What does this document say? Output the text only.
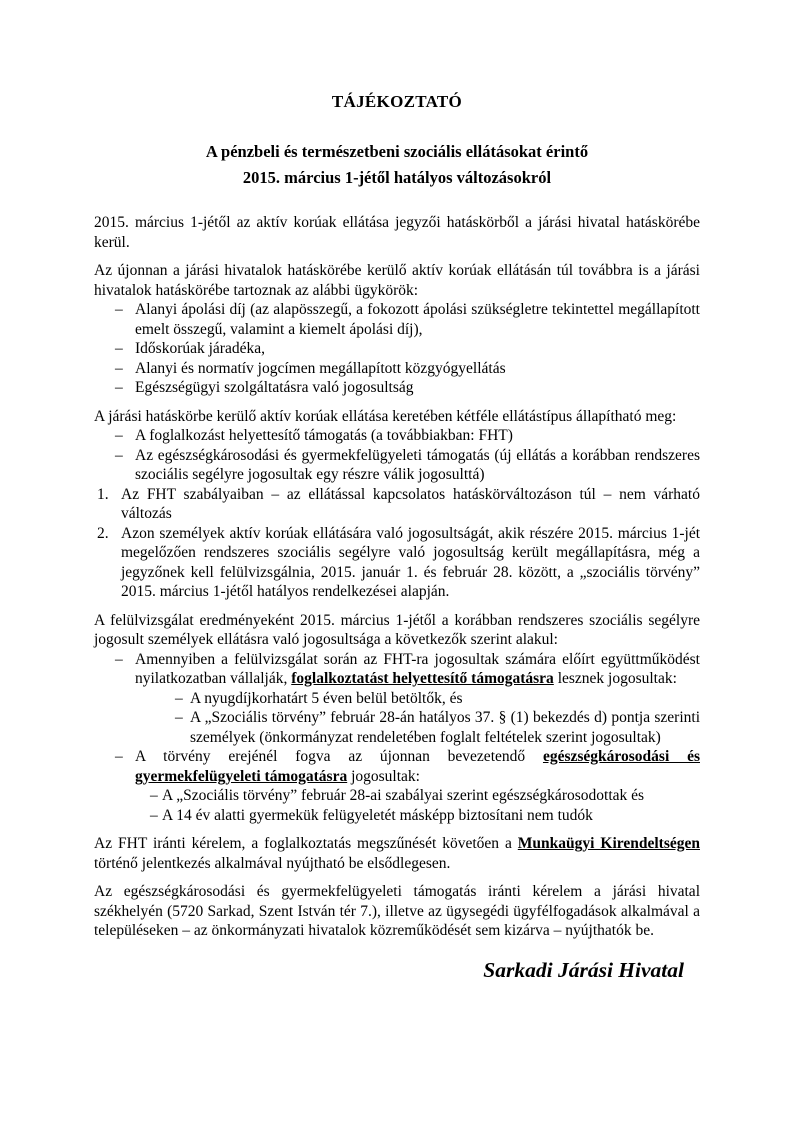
TÁJÉKOZTATÓ
A pénzbeli és természetbeni szociális ellátásokat érintő
2015. március 1-jétől hatályos változásokról

2015. március 1-jétől az aktív korúak ellátása jegyzői hatáskörből a járási hivatal hatáskörébe kerül.

Az újonnan a járási hivatalok hatáskörébe kerülő aktív korúak ellátásán túl továbbra is a járási hivatalok hatáskörébe tartoznak az alábbi ügykörök:

– Alanyi ápolási díj (az alapösszegű, a fokozott ápolási szükségletre tekintettel megállapított emelt összegű, valamint a kiemelt ápolási díj),
– Időskorúak járadéka,
– Alanyi és normatív jogcímen megállapított közgyógyellátás
– Egészségügyi szolgáltatásra való jogosultság

A járási hatáskörbe kerülő aktív korúak ellátása keretében kétféle ellátástípus állapítható meg:

– A foglalkozást helyettesítő támogatás (a továbbiakban: FHT)
– Az egészségkárosodási és gyermekfelügyeleti támogatás (új ellátás a korábban rendszeres szociális segélyre jogosultak egy részre válik jogosulttá)
1. Az FHT szabályaiban – az ellátással kapcsolatos hatáskörváltozáson túl – nem várható változás
2. Azon személyek aktív korúak ellátására való jogosultságát, akik részére 2015. március 1-jét megelőzően rendszeres szociális segélyre való jogosultság került megállapításra, még a jegyzőnek kell felülvizsgálnia, 2015. január 1. és február 28. között, a „szociális törvény” 2015. március 1-jétől hatályos rendelkezései alapján.

A felülvizsgálat eredményeként 2015. március 1-jétől a korábban rendszeres szociális segélyre jogosult személyek ellátásra való jogosultsága a következők szerint alakul:

– Amennyiben a felülvizsgálat során az FHT-ra jogosultak számára előírt együttműködést nyilatkozatban vállalják, foglalkoztatást helyettesítő támogatásra lesznek jogosultak:
– A nyugdíjkorhatárt 5 éven belül betöltők, és
– A „Szociális törvény” február 28-án hatályos 37. § (1) bekezdés d) pontja szerinti személyek (önkormányzat rendeletében foglalt feltételek szerint jogosultak)
– A törvény erejénél fogva az újonnan bevezetendő egészségkárosodási és gyermekfelügyeleti támogatásra jogosultak:
– A „Szociális törvény” február 28-ai szabályai szerint egészségkárosodottak és
– A 14 év alatti gyermekük felügyeletét másképp biztosítani nem tudók

Az FHT iránti kérelem, a foglalkoztatás megszűnését követően a Munkaügyi Kirendeltségen történő jelentkezés alkalmával nyújtható be elsődlegesen.

Az egészségkárosodási és gyermekfelügyeleti támogatás iránti kérelem a járási hivatal székhelyén (5720 Sarkad, Szent István tér 7.), illetve az ügysegédi ügyfélfogadások alkalmával a településeken – az önkormányzati hivatalok közreműködését sem kizárva – nyújthatók be.

Sarkadi Járási Hivatal
